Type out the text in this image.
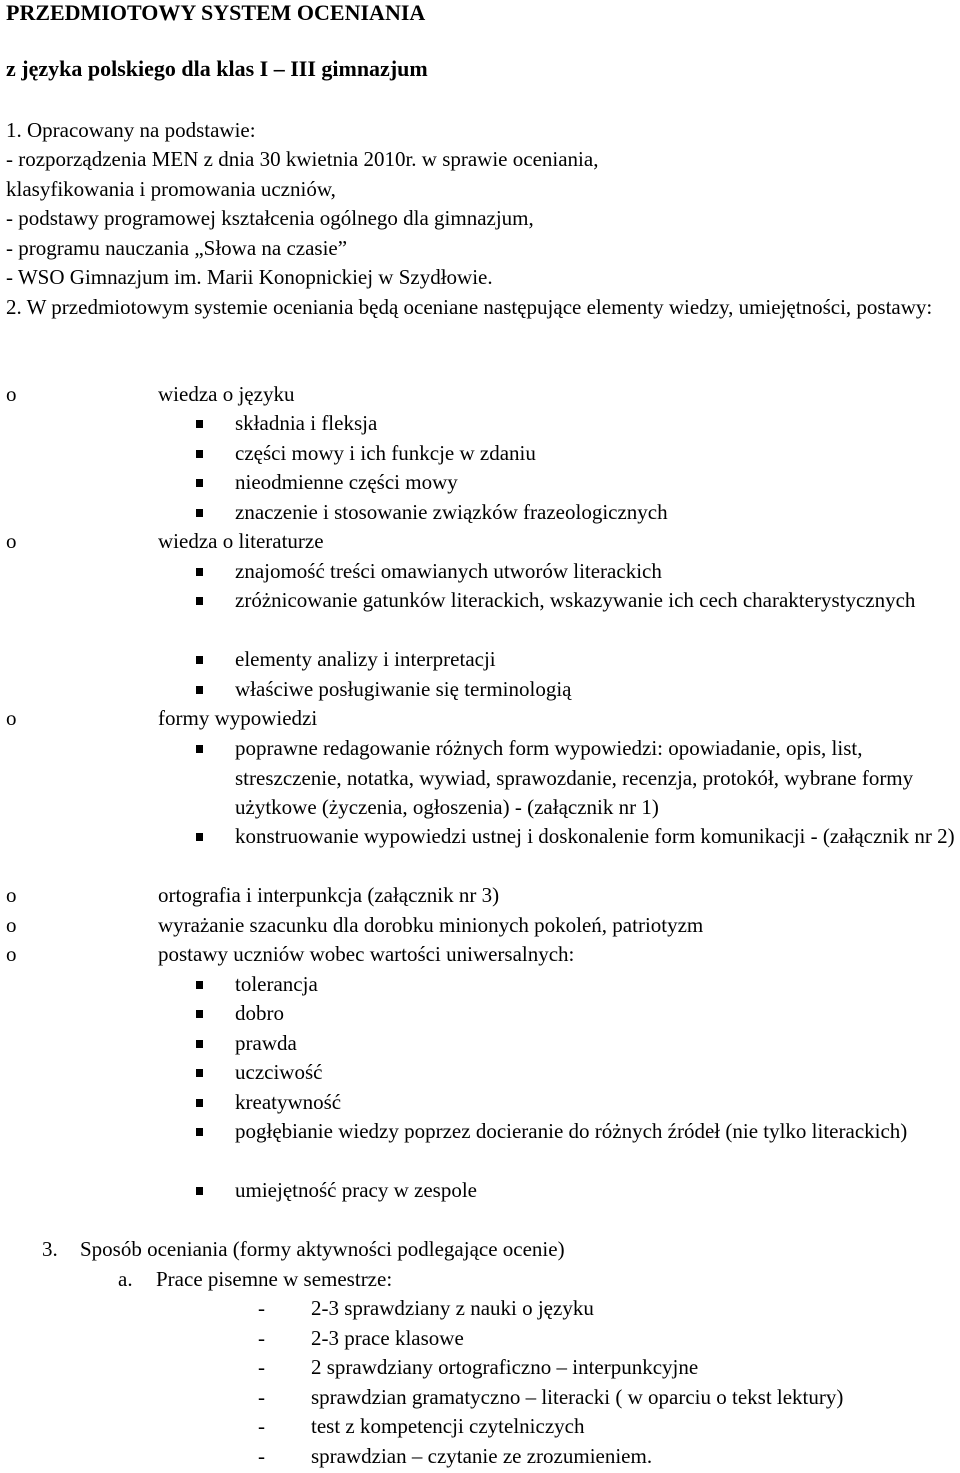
PRZEDMIOTOWY SYSTEM OCENIANIA
z języka polskiego dla klas I – III gimnazjum
1. Opracowany na podstawie:
- rozporządzenia MEN z dnia 30 kwietnia 2010r. w sprawie oceniania,
klasyfikowania i promowania uczniów,
- podstawy programowej kształcenia ogólnego dla gimnazjum,
- programu nauczania „Słowa na czasie”
- WSO Gimnazjum im. Marii Konopnickiej w Szydłowie.
2. W przedmiotowym systemie oceniania będą oceniane następujące elementy wiedzy, umiejętności, postawy:
o	wiedza o języku
składnia i fleksja
części mowy i ich funkcje w zdaniu
nieodmienne części mowy
znaczenie i stosowanie związków frazeologicznych
o	wiedza o literaturze
znajomość treści omawianych utworów literackich
zróżnicowanie gatunków literackich, wskazywanie ich cech charakterystycznych
elementy analizy i interpretacji
właściwe posługiwanie się terminologią
o	formy wypowiedzi
poprawne redagowanie różnych form wypowiedzi: opowiadanie, opis, list, streszczenie, notatka, wywiad, sprawozdanie, recenzja, protokół, wybrane formy użytkowe (życzenia, ogłoszenia) - (załącznik nr 1)
konstruowanie wypowiedzi ustnej i doskonalenie form komunikacji - (załącznik nr 2)
o	ortografia i interpunkcja (załącznik nr 3)
o	wyrażanie szacunku dla dorobku minionych pokoleń, patriotyzm
o	postawy uczniów wobec wartości uniwersalnych:
tolerancja
dobro
prawda
uczciwość
kreatywność
pogłębianie wiedzy poprzez docieranie do różnych źródeł (nie tylko literackich)
umiejętność pracy w zespole
3. Sposób oceniania (formy aktywności podlegające ocenie)
a. Prace pisemne w semestrze:
- 2-3 sprawdziany z nauki o języku
- 2-3 prace klasowe
- 2 sprawdziany ortograficzno – interpunkcyjne
- sprawdzian gramatyczno – literacki ( w oparciu o tekst lektury)
- test z kompetencji czytelniczych
- sprawdzian – czytanie ze zrozumieniem.
